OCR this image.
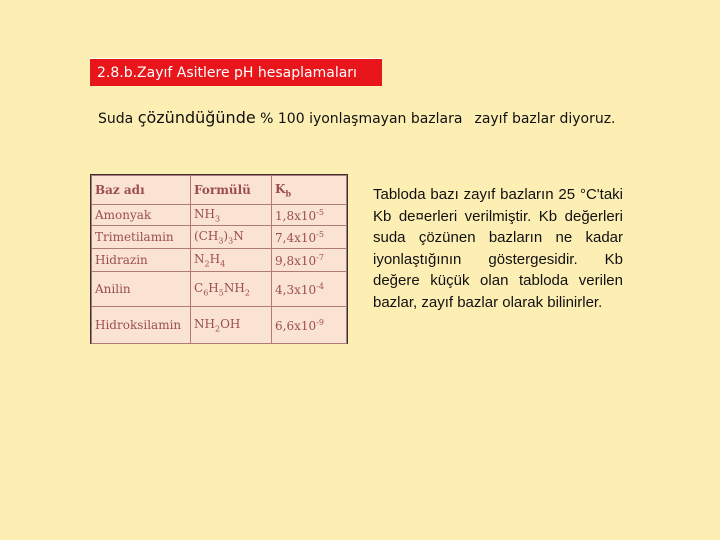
2.8.b.Zayıf Asitlere pH hesaplamaları
Suda çözündüğünde % 100 iyonlaşmayan bazlara zayıf bazlar diyoruz.
Baz adı	Formülü	$K_b$
Amonyak	$NH_3$	$1,8x10^{-5}$
Trimetilamin	$(CH_3)_3N$	$7,4x10^{-5}$
Hidrazin	$N_2H_4$	$9,8x10^{-7}$
Anilin	$C_6H_5NH_2$	$4,3x10^{-4}$
Hidroksilamin	$NH_2OH$	$6,6x10^{-9}$
Tabloda bazı zayıf bazların 25 °C'taki Kb de¤erleri verilmiştir. Kb değerleri suda çözünen bazların ne kadar iyonlaştığının göstergesidir. Kb değere küçük olan tabloda verilen bazlar, zayıf bazlar olarak bilinirler.
